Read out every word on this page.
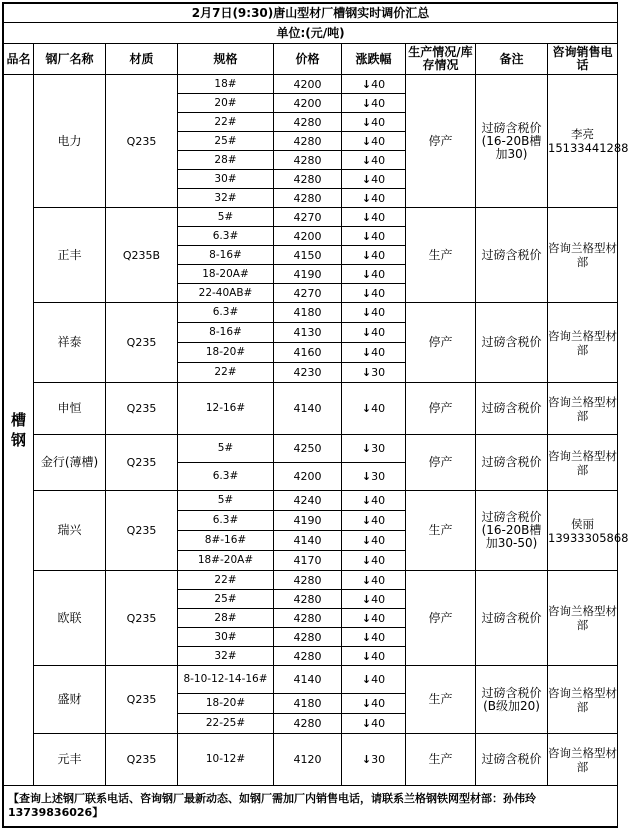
2月7日(9:30)唐山型材厂槽钢实时调价汇总								
单位:(元/吨)								
品名	钢厂名称	材质	规格	价格	涨跌幅	生产情况/库存情况	备注	咨询销售电话
槽钢	电力	Q235	18#	4200	↓40	停产	过磅含税价(16-20B槽加30)	李亮15133441288
			20#	4200	↓40			
			22#	4280	↓40			
			25#	4280	↓40			
			28#	4280	↓40			
			30#	4280	↓40			
			32#	4280	↓40			
	正丰	Q235B	5#	4270	↓40	生产	过磅含税价	咨询兰格型材部
			6.3#	4200	↓40			
			8-16#	4150	↓40			
			18-20A#	4190	↓40			
			22-40AB#	4270	↓40			
	祥泰	Q235	6.3#	4180	↓40	停产	过磅含税价	咨询兰格型材部
			8-16#	4130	↓40			
			18-20#	4160	↓40			
			22#	4230	↓30			
	申恒	Q235	12-16#	4140	↓40	停产	过磅含税价	咨询兰格型材部
	金行(薄槽)	Q235	5#	4250	↓30	停产	过磅含税价	咨询兰格型材部
			6.3#	4200	↓30			
	瑞兴	Q235	5#	4240	↓40	生产	过磅含税价(16-20B槽加30-50)	侯丽13933305868
			6.3#	4190	↓40			
			8#-16#	4140	↓40			
			18#-20A#	4170	↓40			
	欧联	Q235	22#	4280	↓40	停产	过磅含税价	咨询兰格型材部
			25#	4280	↓40			
			28#	4280	↓40			
			30#	4280	↓40			
			32#	4280	↓40			
	盛财	Q235	8-10-12-14-16#	4140	↓40	生产	过磅含税价(B级加20)	咨询兰格型材部
			18-20#	4180	↓40			
			22-25#	4280	↓40			
	元丰	Q235	10-12#	4120	↓30	生产	过磅含税价	咨询兰格型材部
【查询上述钢厂联系电话、咨询钢厂最新动态、如钢厂需加厂内销售电话，请联系兰格钢铁网型材部：孙伟玲13739836026】								
